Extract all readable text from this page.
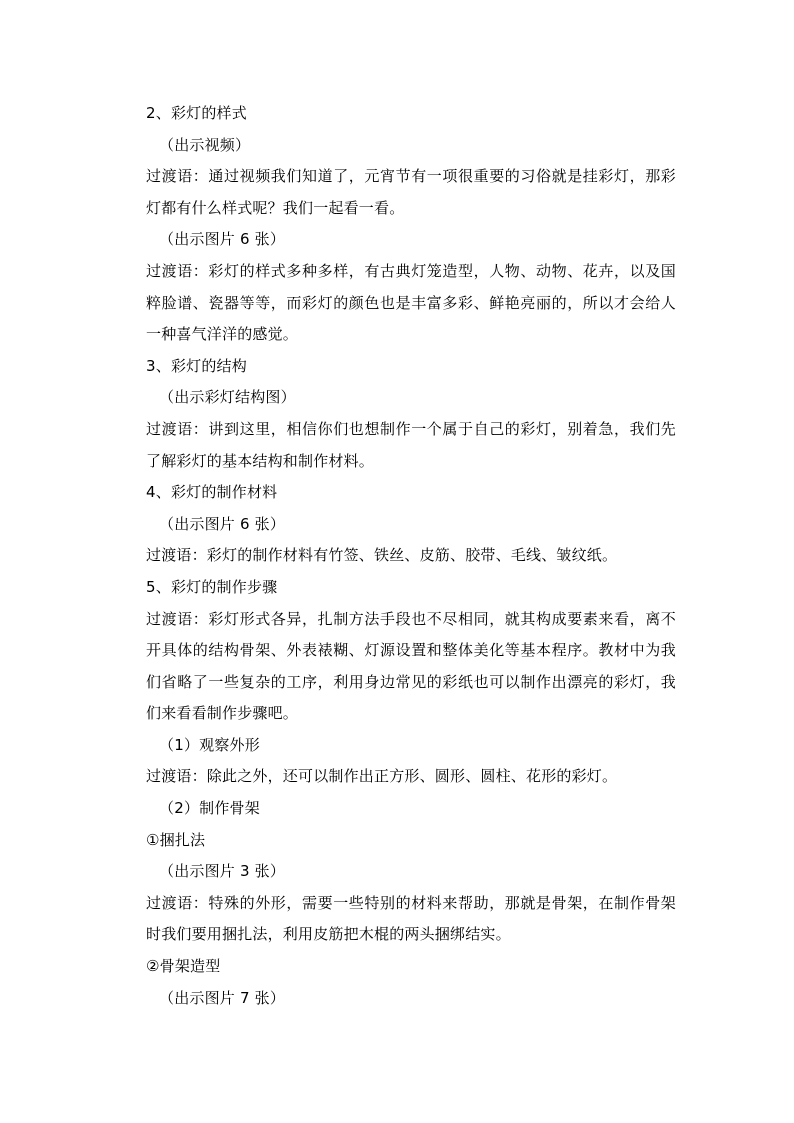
2、彩灯的样式

（出示视频）

过渡语：通过视频我们知道了，元宵节有一项很重要的习俗就是挂彩灯，那彩灯都有什么样式呢？我们一起看一看。

（出示图片 6 张）

过渡语：彩灯的样式多种多样，有古典灯笼造型，人物、动物、花卉，以及国粹脸谱、瓷器等等，而彩灯的颜色也是丰富多彩、鲜艳亮丽的，所以才会给人一种喜气洋洋的感觉。

3、彩灯的结构

（出示彩灯结构图）

过渡语：讲到这里，相信你们也想制作一个属于自己的彩灯，别着急，我们先了解彩灯的基本结构和制作材料。

4、彩灯的制作材料

（出示图片 6 张）

过渡语：彩灯的制作材料有竹签、铁丝、皮筋、胶带、毛线、皱纹纸。

5、彩灯的制作步骤

过渡语：彩灯形式各异，扎制方法手段也不尽相同，就其构成要素来看，离不开具体的结构骨架、外表裱糊、灯源设置和整体美化等基本程序。教材中为我们省略了一些复杂的工序，利用身边常见的彩纸也可以制作出漂亮的彩灯，我们来看看制作步骤吧。

（1）观察外形

过渡语：除此之外，还可以制作出正方形、圆形、圆柱、花形的彩灯。

（2）制作骨架

①捆扎法

（出示图片 3 张）

过渡语：特殊的外形，需要一些特别的材料来帮助，那就是骨架，在制作骨架时我们要用捆扎法，利用皮筋把木棍的两头捆绑结实。

②骨架造型

（出示图片 7 张）
